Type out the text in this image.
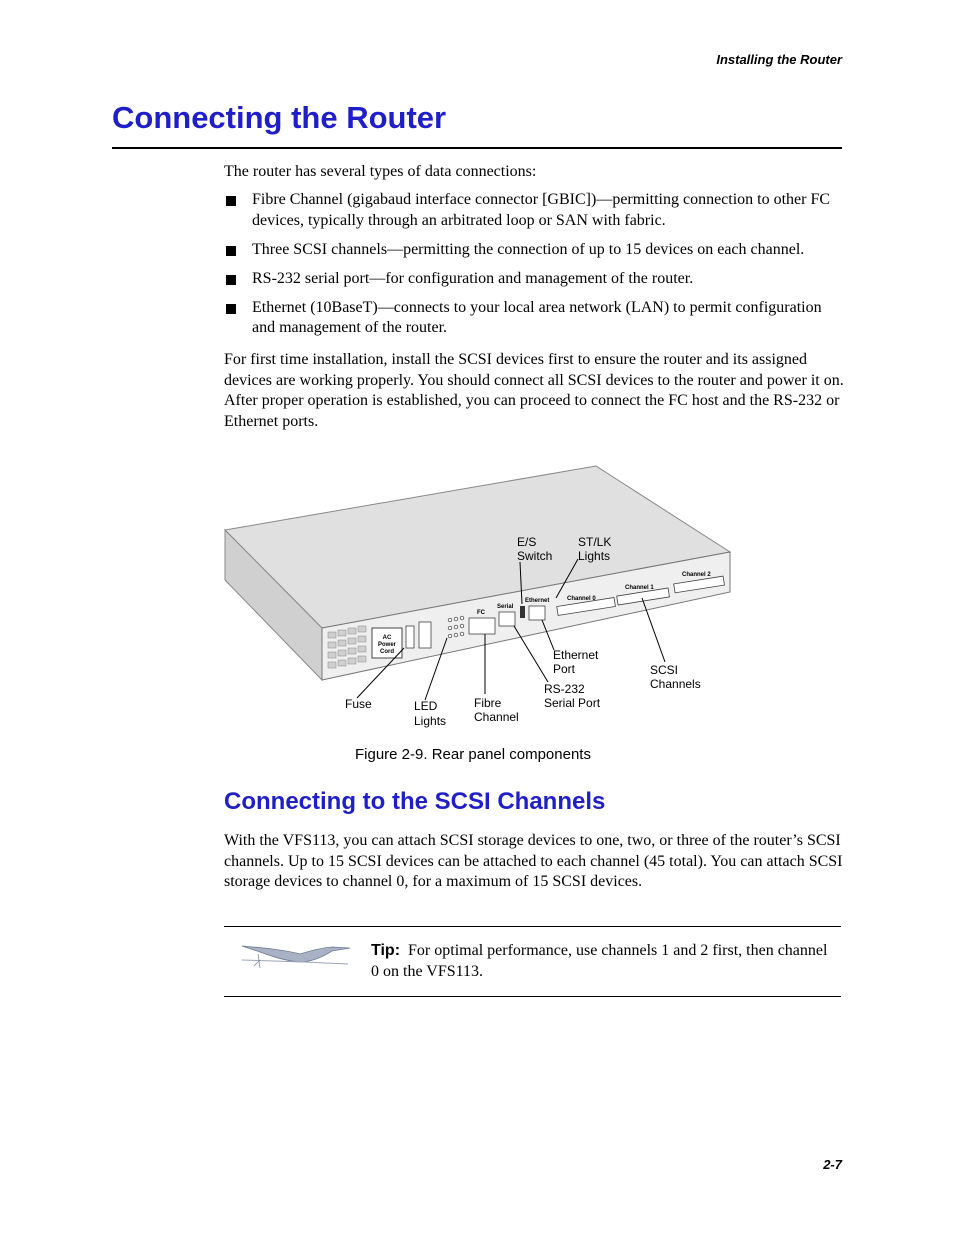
Installing the Router
Connecting the Router
The router has several types of data connections:
Fibre Channel (gigabaud interface connector [GBIC])—permitting connection to other FC devices, typically through an arbitrated loop or SAN with fabric.
Three SCSI channels—permitting the connection of up to 15 devices on each channel.
RS-232 serial port—for configuration and management of the router.
Ethernet (10BaseT)—connects to your local area network (LAN) to permit configuration and management of the router.
For first time installation, install the SCSI devices first to ensure the router and its assigned devices are working properly. You should connect all SCSI devices to the router and power it on. After proper operation is established, you can proceed to connect the FC host and the RS-232 or Ethernet ports.
AC
Power
Cord
FC
Serial
Ethernet	Channel 0
Channel 1
Channel 2
E/S
Switch
ST/LK
Lights
Ethernet
Port	SCSI
Channels
RS-232
Serial Port
Fuse	LED
Lights
Fibre
Channel
Figure 2-9. Rear panel components
Connecting to the SCSI Channels
With the VFS113, you can attach SCSI storage devices to one, two, or three of the router’s SCSI channels. Up to 15 SCSI devices can be attached to each channel (45 total). You can attach SCSI storage devices to channel 0, for a maximum of 15 SCSI devices.
Tip: For optimal performance, use channels 1 and 2 first, then channel 0 on the VFS113.
2-7
